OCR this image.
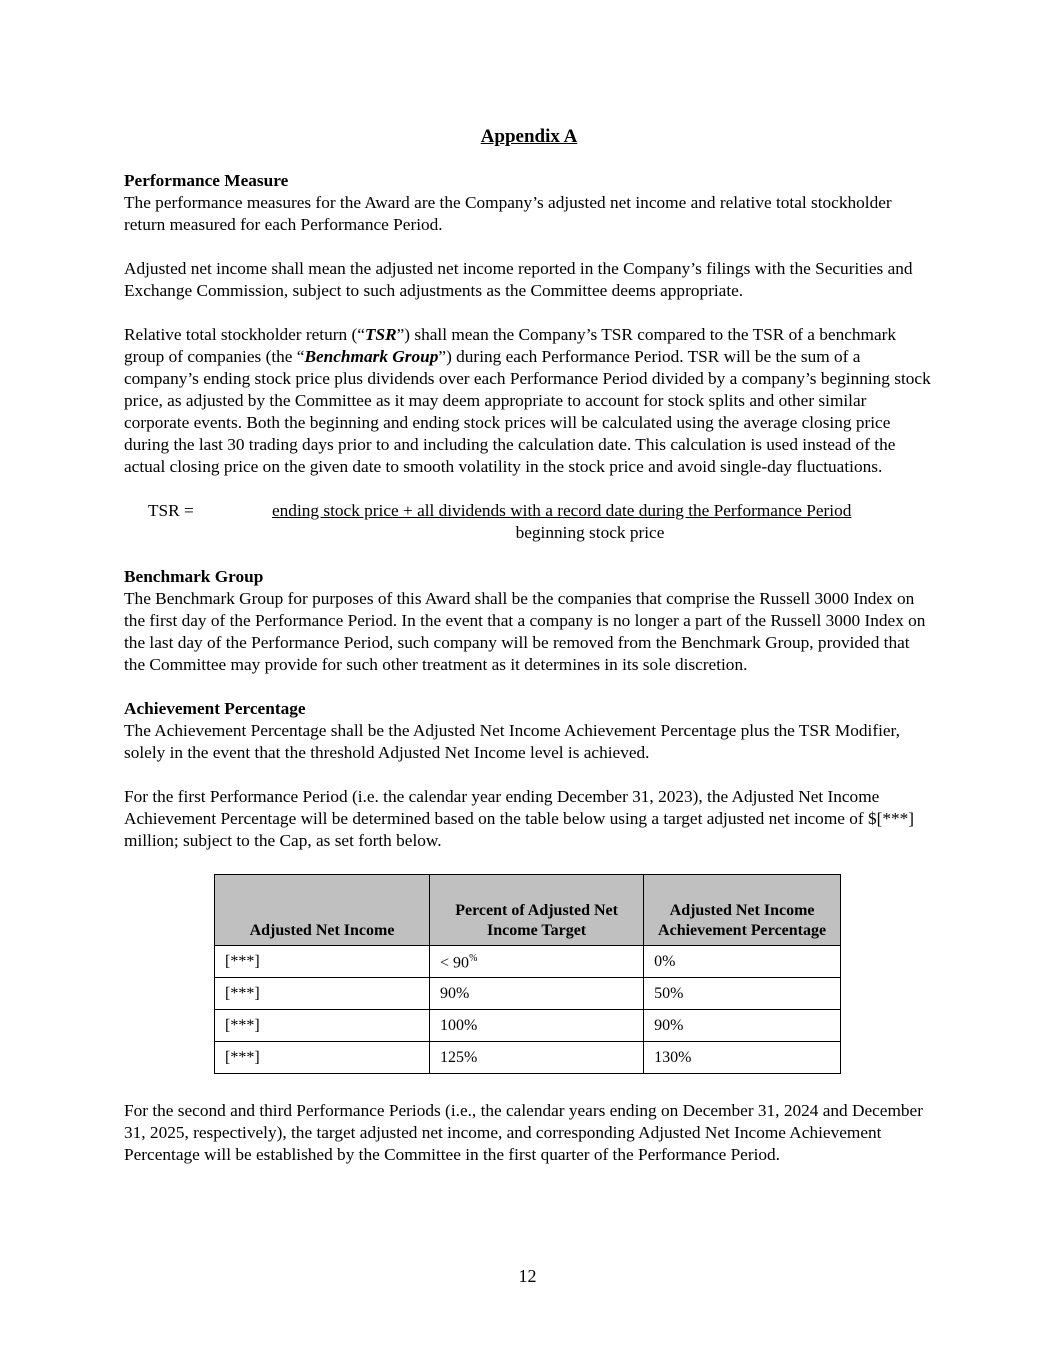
Appendix A
Performance Measure

The performance measures for the Award are the Company’s adjusted net income and relative total stockholder return measured for each Performance Period.

Adjusted net income shall mean the adjusted net income reported in the Company’s filings with the Securities and Exchange Commission, subject to such adjustments as the Committee deems appropriate.

Relative total stockholder return (“TSR”) shall mean the Company’s TSR compared to the TSR of a benchmark group of companies (the “Benchmark Group”) during each Performance Period. TSR will be the sum of a company’s ending stock price plus dividends over each Performance Period divided by a company’s beginning stock price, as adjusted by the Committee as it may deem appropriate to account for stock splits and other similar corporate events. Both the beginning and ending stock prices will be calculated using the average closing price during the last 30 trading days prior to and including the calculation date. This calculation is used instead of the actual closing price on the given date to smooth volatility in the stock price and avoid single-day fluctuations.

TSR =	ending stock price + all dividends with a record date during the Performance Period
beginning stock price
Benchmark Group

The Benchmark Group for purposes of this Award shall be the companies that comprise the Russell 3000 Index on the first day of the Performance Period. In the event that a company is no longer a part of the Russell 3000 Index on the last day of the Performance Period, such company will be removed from the Benchmark Group, provided that the Committee may provide for such other treatment as it determines in its sole discretion.

Achievement Percentage

The Achievement Percentage shall be the Adjusted Net Income Achievement Percentage plus the TSR Modifier, solely in the event that the threshold Adjusted Net Income level is achieved.

For the first Performance Period (i.e. the calendar year ending December 31, 2023), the Adjusted Net Income Achievement Percentage will be determined based on the table below using a target adjusted net income of $[***] million; subject to the Cap, as set forth below.

Adjusted Net Income	Percent of Adjusted Net Income Target	Adjusted Net Income Achievement Percentage
[***]	< 90%	0%
[***]	90%	50%
[***]	100%	90%
[***]	125%	130%

For the second and third Performance Periods (i.e., the calendar years ending on December 31, 2024 and December 31, 2025, respectively), the target adjusted net income, and corresponding Adjusted Net Income Achievement Percentage will be established by the Committee in the first quarter of the Performance Period.

12
